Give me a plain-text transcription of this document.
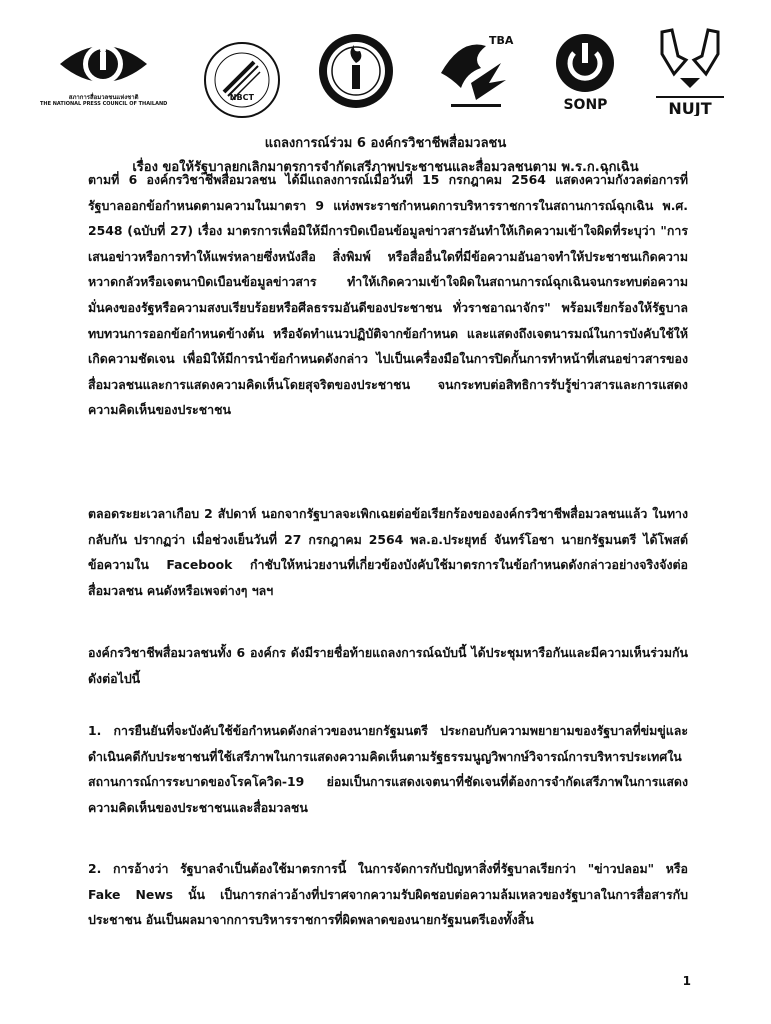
สภาการสื่อมวลชนแห่งชาติ
THE NATIONAL PRESS COUNCIL OF THAILAND
NBCT
TBA
SONP	NUJT
แถลงการณ์ร่วม 6 องค์กรวิชาชีพสื่อมวลชน
เรื่อง ขอให้รัฐบาลยกเลิกมาตรการจำกัดเสรีภาพประชาชนและสื่อมวลชนตาม พ.ร.ก.ฉุกเฉิน

ตามที่ 6 องค์กรวิชาชีพสื่อมวลชน ได้มีแถลงการณ์เมื่อวันที่ 15 กรกฎาคม 2564 แสดงความกังวลต่อการที่รัฐบาลออกข้อกำหนดตามความในมาตรา 9 แห่งพระราชกำหนดการบริหารราชการในสถานการณ์ฉุกเฉิน พ.ศ. 2548 (ฉบับที่ 27) เรื่อง มาตรการเพื่อมิให้มีการบิดเบือนข้อมูลข่าวสารอันทำให้เกิดความเข้าใจผิดที่ระบุว่า "การเสนอข่าวหรือการทำให้แพร่หลายซึ่งหนังสือ สิ่งพิมพ์ หรือสื่ออื่นใดที่มีข้อความอันอาจทำให้ประชาชนเกิดความหวาดกลัวหรือเจตนาบิดเบือนข้อมูลข่าวสาร ทำให้เกิดความเข้าใจผิดในสถานการณ์ฉุกเฉินจนกระทบต่อความมั่นคงของรัฐหรือความสงบเรียบร้อยหรือศีลธรรมอันดีของประชาชน ทั่วราชอาณาจักร" พร้อมเรียกร้องให้รัฐบาลทบทวนการออกข้อกำหนดข้างต้น หรือจัดทำแนวปฏิบัติจากข้อกำหนด และแสดงถึงเจตนารมณ์ในการบังคับใช้ให้เกิดความชัดเจน เพื่อมิให้มีการนำข้อกำหนดดังกล่าว ไปเป็นเครื่องมือในการปิดกั้นการทำหน้าที่เสนอข่าวสารของสื่อมวลชนและการแสดงความคิดเห็นโดยสุจริตของประชาชน จนกระทบต่อสิทธิการรับรู้ข่าวสารและการแสดงความคิดเห็นของประชาชน

ตลอดระยะเวลาเกือบ 2 สัปดาห์ นอกจากรัฐบาลจะเพิกเฉยต่อข้อเรียกร้องขององค์กรวิชาชีพสื่อมวลชนแล้ว ในทางกลับกัน ปรากฏว่า เมื่อช่วงเย็นวันที่ 27 กรกฎาคม 2564 พล.อ.ประยุทธ์ จันทร์โอชา นายกรัฐมนตรี ได้โพสต์ข้อความใน Facebook กำชับให้หน่วยงานที่เกี่ยวข้องบังคับใช้มาตรการในข้อกำหนดดังกล่าวอย่างจริงจังต่อสื่อมวลชน คนดังหรือเพจต่างๆ ฯลฯ

องค์กรวิชาชีพสื่อมวลชนทั้ง 6 องค์กร ดังมีรายชื่อท้ายแถลงการณ์ฉบับนี้ ได้ประชุมหารือกันและมีความเห็นร่วมกันดังต่อไปนี้

1. การยืนยันที่จะบังคับใช้ข้อกำหนดดังกล่าวของนายกรัฐมนตรี ประกอบกับความพยายามของรัฐบาลที่ข่มขู่และดำเนินคดีกับประชาชนที่ใช้เสรีภาพในการแสดงความคิดเห็นตามรัฐธรรมนูญวิพากษ์วิจารณ์การบริหารประเทศในสถานการณ์การระบาดของโรคโควิด-19 ย่อมเป็นการแสดงเจตนาที่ชัดเจนที่ต้องการจำกัดเสรีภาพในการแสดงความคิดเห็นของประชาชนและสื่อมวลชน

2. การอ้างว่า รัฐบาลจำเป็นต้องใช้มาตรการนี้ ในการจัดการกับปัญหาสิ่งที่รัฐบาลเรียกว่า "ข่าวปลอม" หรือ Fake News นั้น เป็นการกล่าวอ้างที่ปราศจากความรับผิดชอบต่อความล้มเหลวของรัฐบาลในการสื่อสารกับประชาชน อันเป็นผลมาจากการบริหารราชการที่ผิดพลาดของนายกรัฐมนตรีเองทั้งสิ้น

1
